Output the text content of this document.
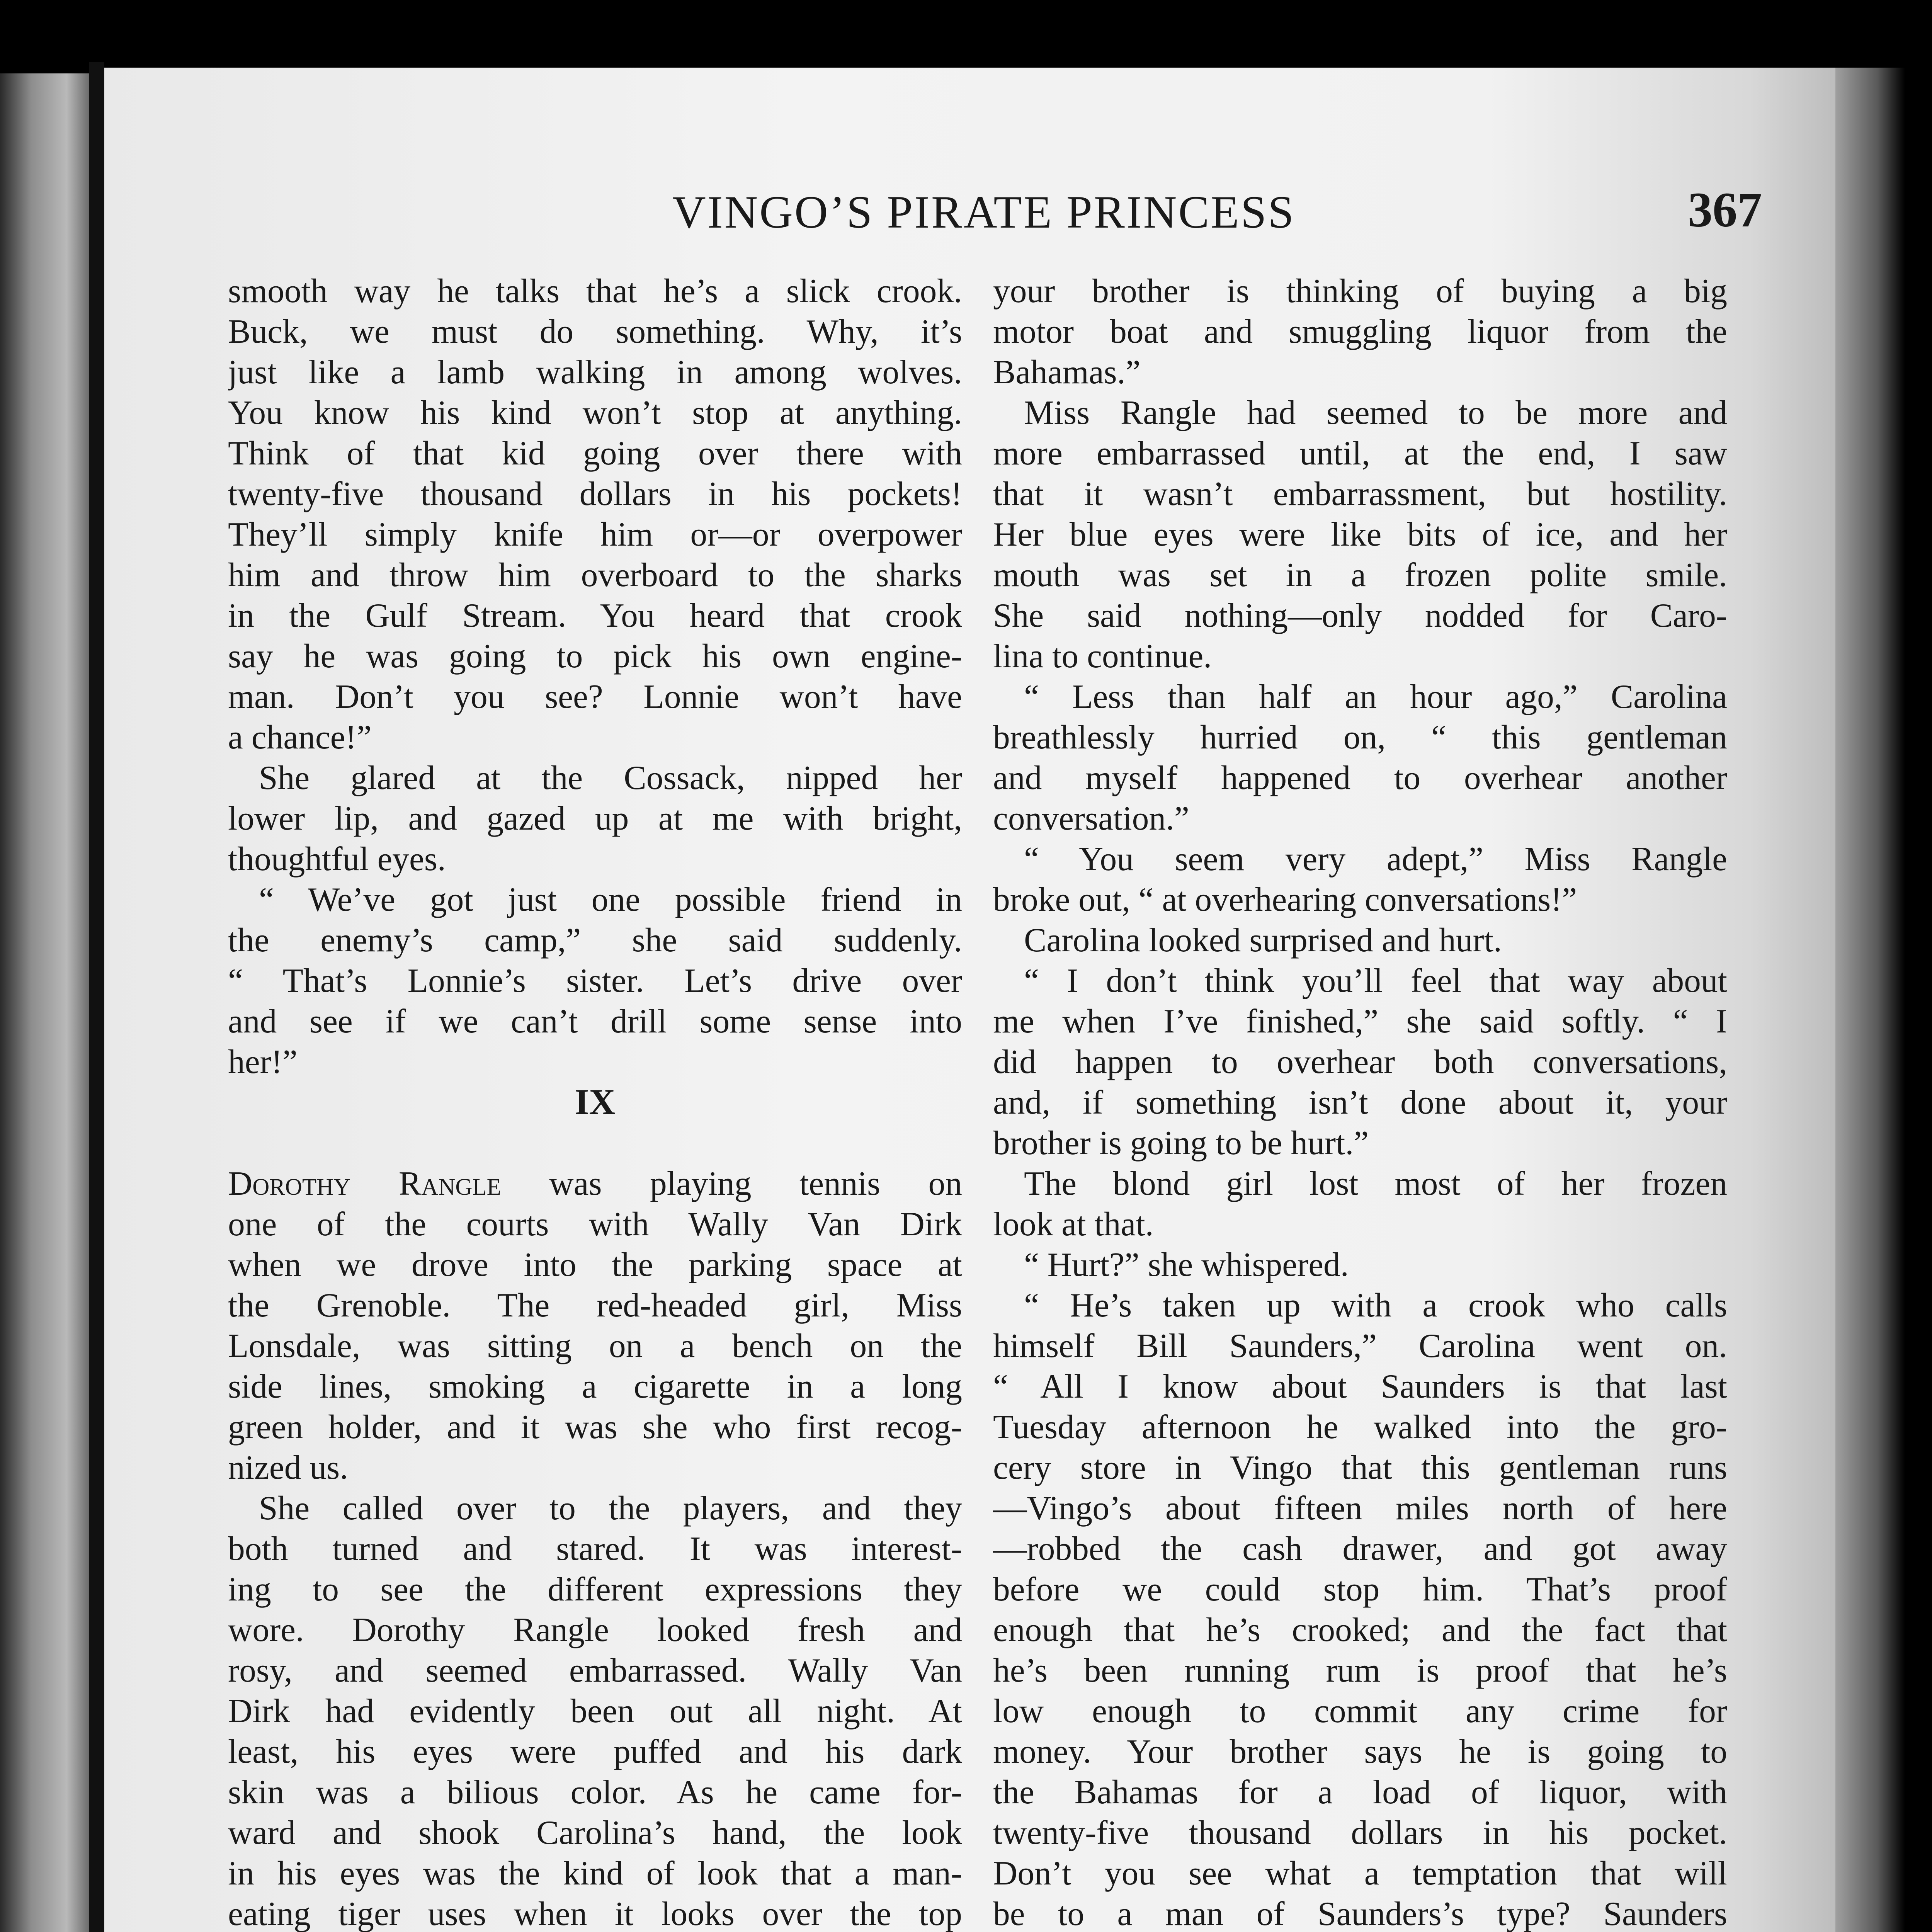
VINGO’S PIRATE PRINCESS	367
smooth way he talks that he’s a slick crook.
Buck, we must do something. Why, it’s
just like a lamb walking in among wolves.
You know his kind won’t stop at anything.
Think of that kid going over there with
twenty-five thousand dollars in his pockets!
They’ll simply knife him or—or overpower
him and throw him overboard to the sharks
in the Gulf Stream. You heard that crook
say he was going to pick his own engine-
man. Don’t you see? Lonnie won’t have
a chance!”
She glared at the Cossack, nipped her
lower lip, and gazed up at me with bright,
thoughtful eyes.
“ We’ve got just one possible friend in
the enemy’s camp,” she said suddenly.
“ That’s Lonnie’s sister. Let’s drive over
and see if we can’t drill some sense into
her!”
IX
Dorothy Rangle was playing tennis on
one of the courts with Wally Van Dirk
when we drove into the parking space at
the Grenoble. The red-headed girl, Miss
Lonsdale, was sitting on a bench on the
side lines, smoking a cigarette in a long
green holder, and it was she who first recog-
nized us.
She called over to the players, and they
both turned and stared. It was interest-
ing to see the different expressions they
wore. Dorothy Rangle looked fresh and
rosy, and seemed embarrassed. Wally Van
Dirk had evidently been out all night. At
least, his eyes were puffed and his dark
skin was a bilious color. As he came for-
ward and shook Carolina’s hand, the look
in his eyes was the kind of look that a man-
eating tiger uses when it looks over the top
your brother is thinking of buying a big
motor boat and smuggling liquor from the
Bahamas.”
Miss Rangle had seemed to be more and
more embarrassed until, at the end, I saw
that it wasn’t embarrassment, but hostility.
Her blue eyes were like bits of ice, and her
mouth was set in a frozen polite smile.
She said nothing—only nodded for Caro-
lina to continue.
“ Less than half an hour ago,” Carolina
breathlessly hurried on, “ this gentleman
and myself happened to overhear another
conversation.”
“ You seem very adept,” Miss Rangle
broke out, “ at overhearing conversations!”
Carolina looked surprised and hurt.
“ I don’t think you’ll feel that way about
me when I’ve finished,” she said softly. “ I
did happen to overhear both conversations,
and, if something isn’t done about it, your
brother is going to be hurt.”
The blond girl lost most of her frozen
look at that.
“ Hurt?” she whispered.
“ He’s taken up with a crook who calls
himself Bill Saunders,” Carolina went on.
“ All I know about Saunders is that last
Tuesday afternoon he walked into the gro-
cery store in Vingo that this gentleman runs
—Vingo’s about fifteen miles north of here
—robbed the cash drawer, and got away
before we could stop him. That’s proof
enough that he’s crooked; and the fact that
he’s been running rum is proof that he’s
low enough to commit any crime for
money. Your brother says he is going to
the Bahamas for a load of liquor, with
twenty-five thousand dollars in his pocket.
Don’t you see what a temptation that will
be to a man of Saunders’s type? Saunders
